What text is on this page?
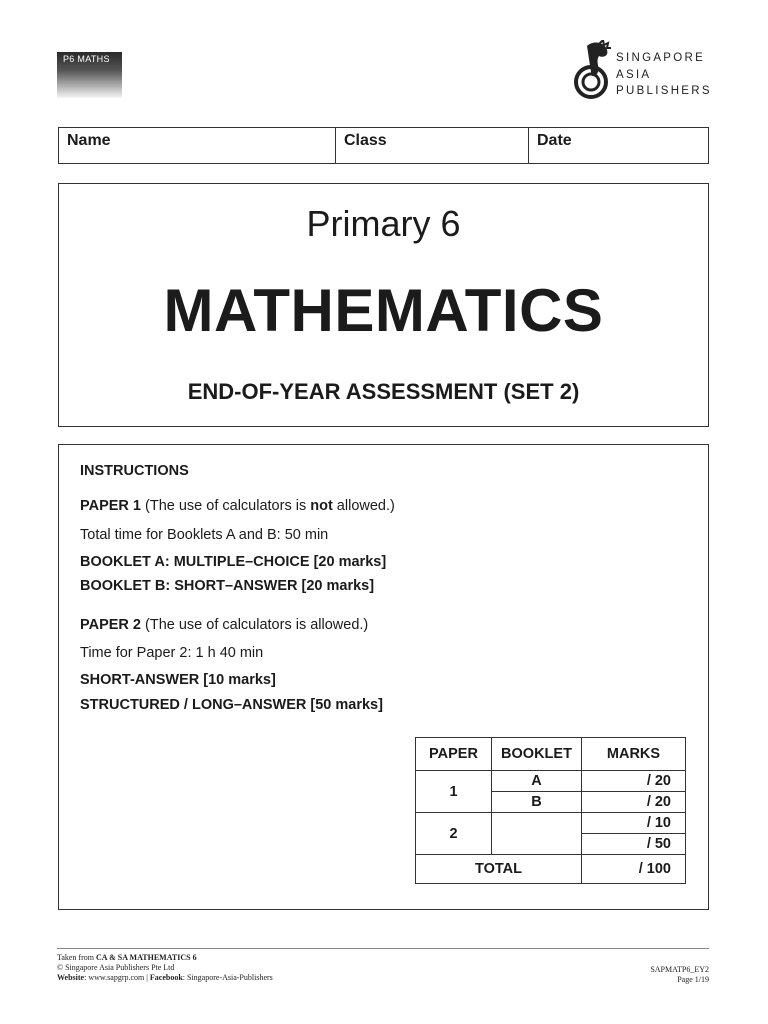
P6 MATHS	SINGAPORE
ASIA
PUBLISHERS
Name	Class	Date
Primary 6
MATHEMATICS
END-OF-YEAR ASSESSMENT (SET 2)
INSTRUCTIONS
PAPER 1 (The use of calculators is not allowed.)
Total time for Booklets A and B: 50 min
BOOKLET A: MULTIPLE–CHOICE [20 marks]
BOOKLET B: SHORT–ANSWER [20 marks]
PAPER 2 (The use of calculators is allowed.)
Time for Paper 2: 1 h 40 min
SHORT-ANSWER [10 marks]
STRUCTURED / LONG–ANSWER [50 marks]
PAPER	BOOKLET	MARKS
1	A	/ 20
	B	/ 20
2		/ 10
		/ 50
TOTAL		/ 100
Taken from CA & SA MATHEMATICS 6
© Singapore Asia Publishers Pte Ltd
Website: www.sapgrp.com | Facebook: Singapore-Asia-Publishers
SAPMATP6_EY2
Page 1/19
